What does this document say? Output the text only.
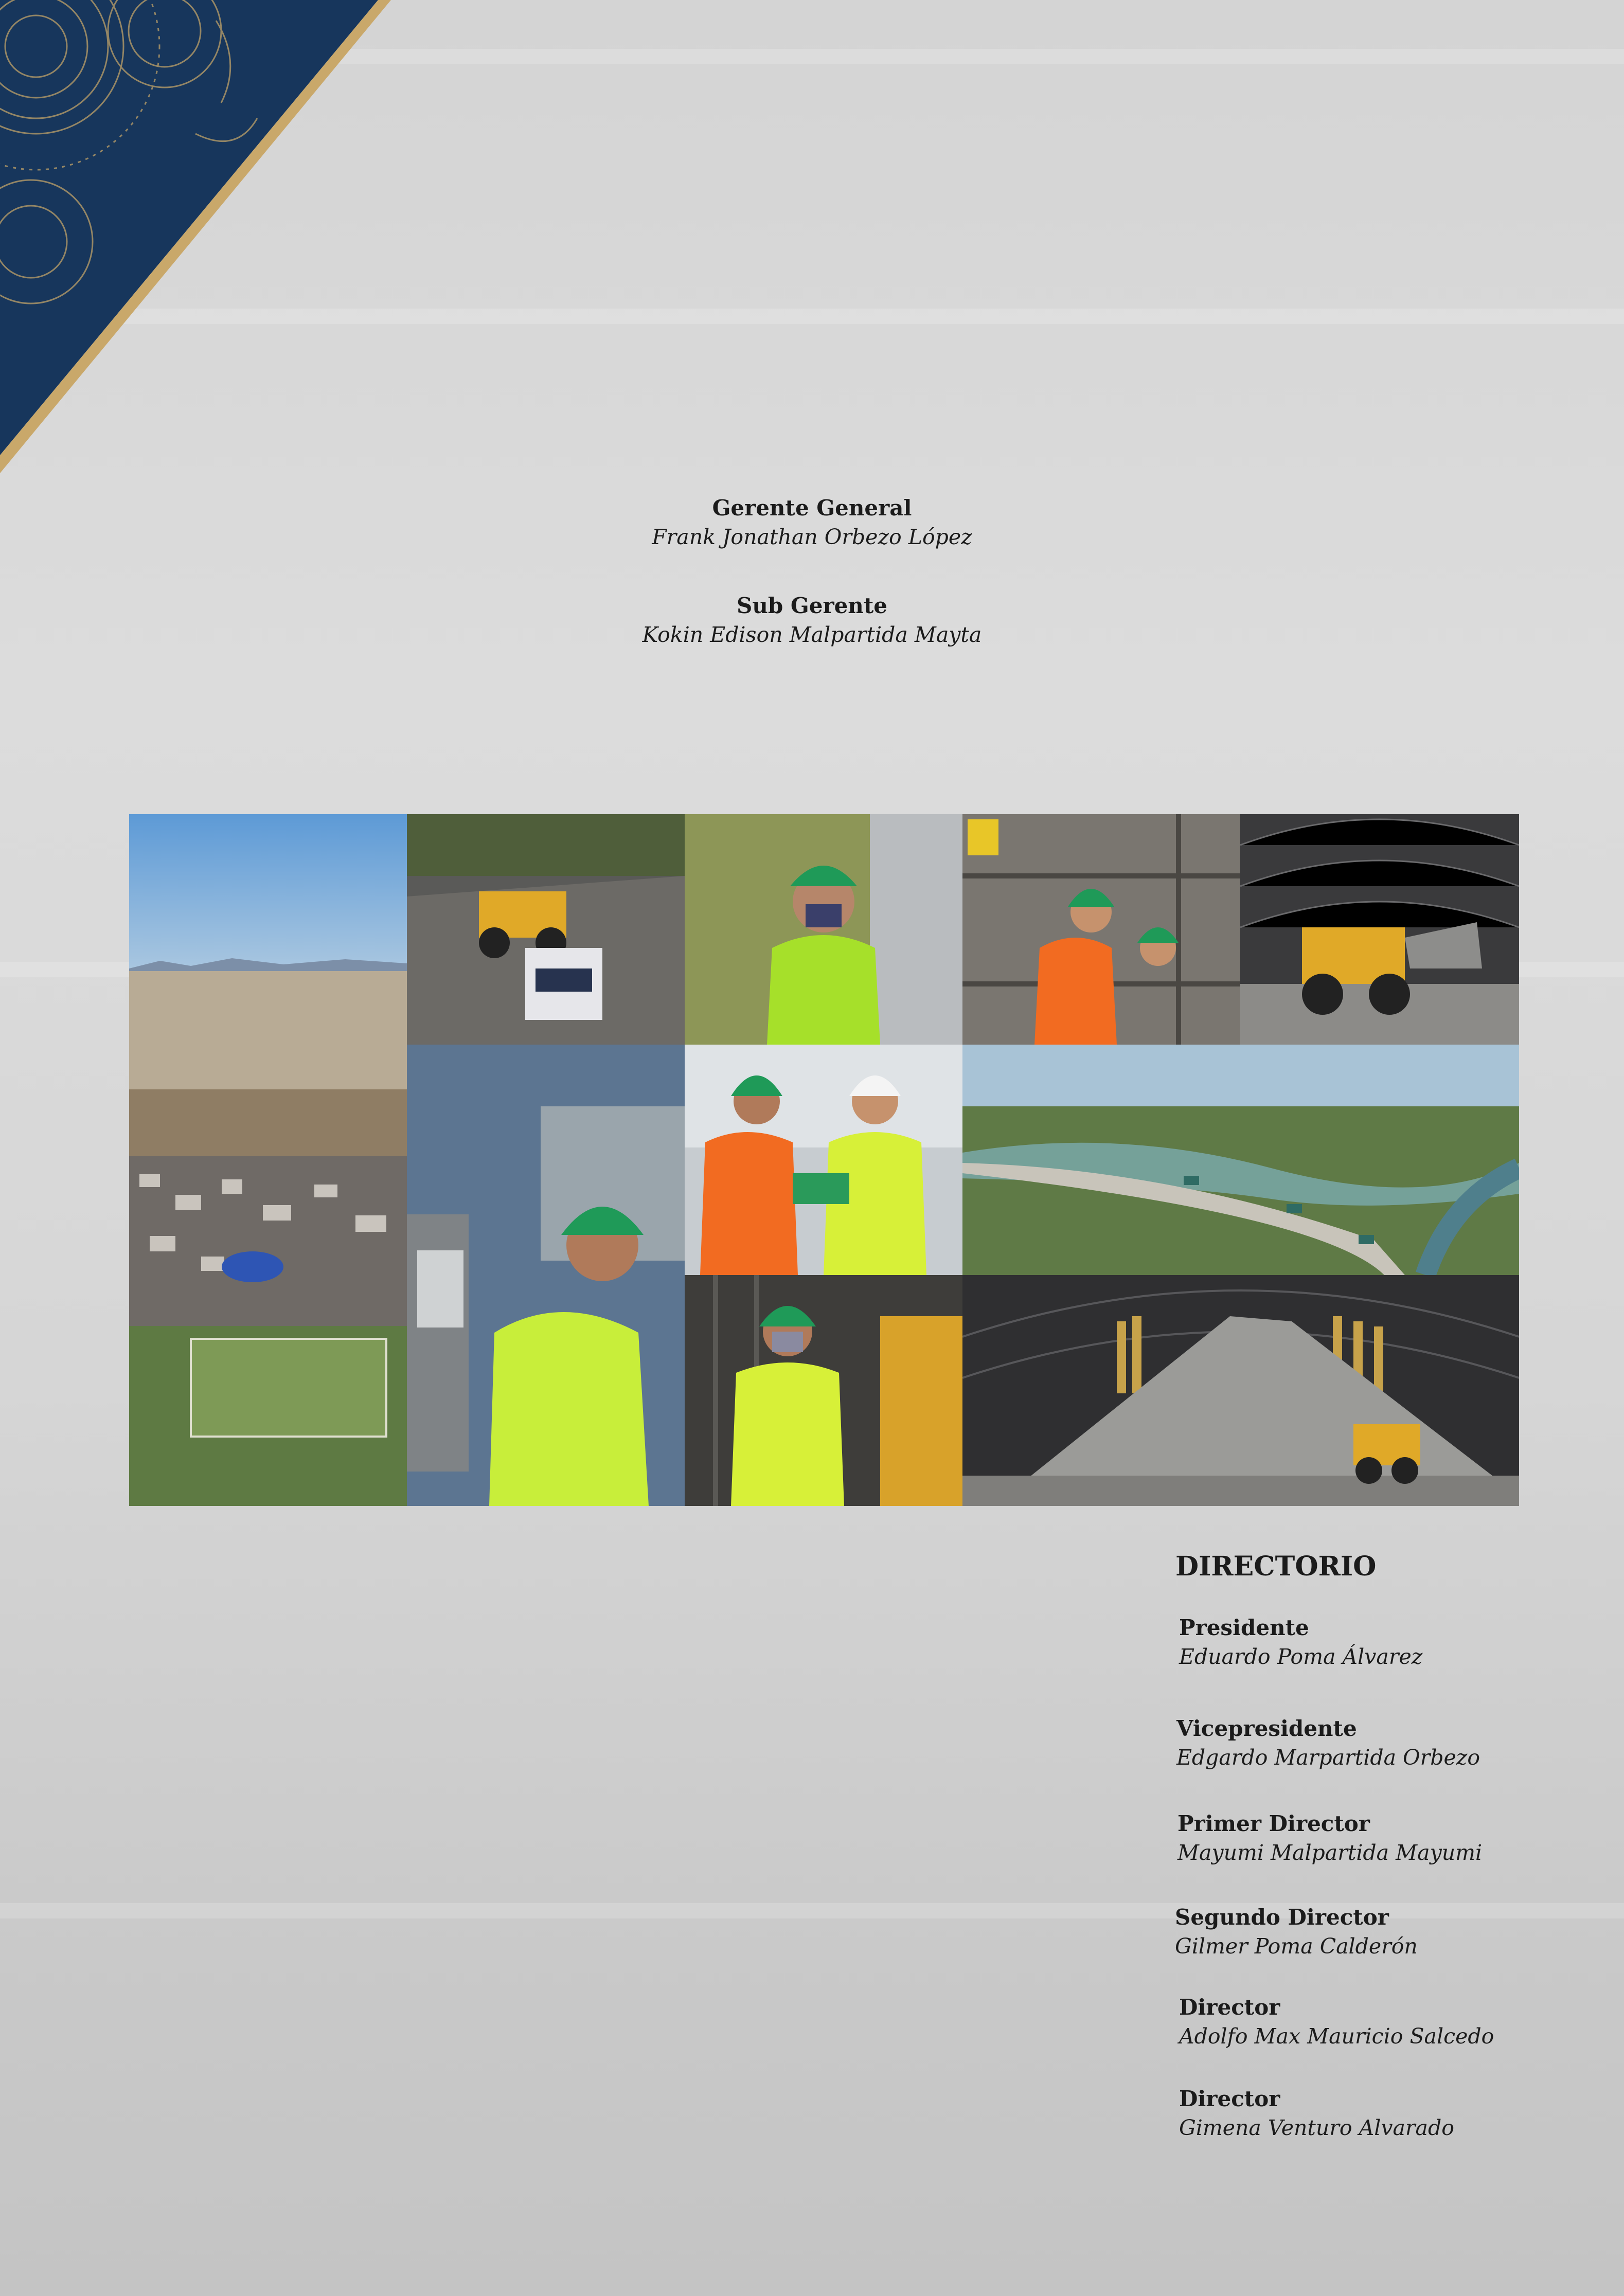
Gerente General
Frank Jonathan Orbezo López
Sub Gerente
Kokin Edison Malpartida Mayta
DIRECTORIO
Presidente
Eduardo Poma Álvarez
Vicepresidente
Edgardo Marpartida Orbezo
Primer Director
Mayumi Malpartida Mayumi
Segundo Director
Gilmer Poma Calderón
Director
Adolfo Max Mauricio Salcedo
Director
Gimena Venturo Alvarado
